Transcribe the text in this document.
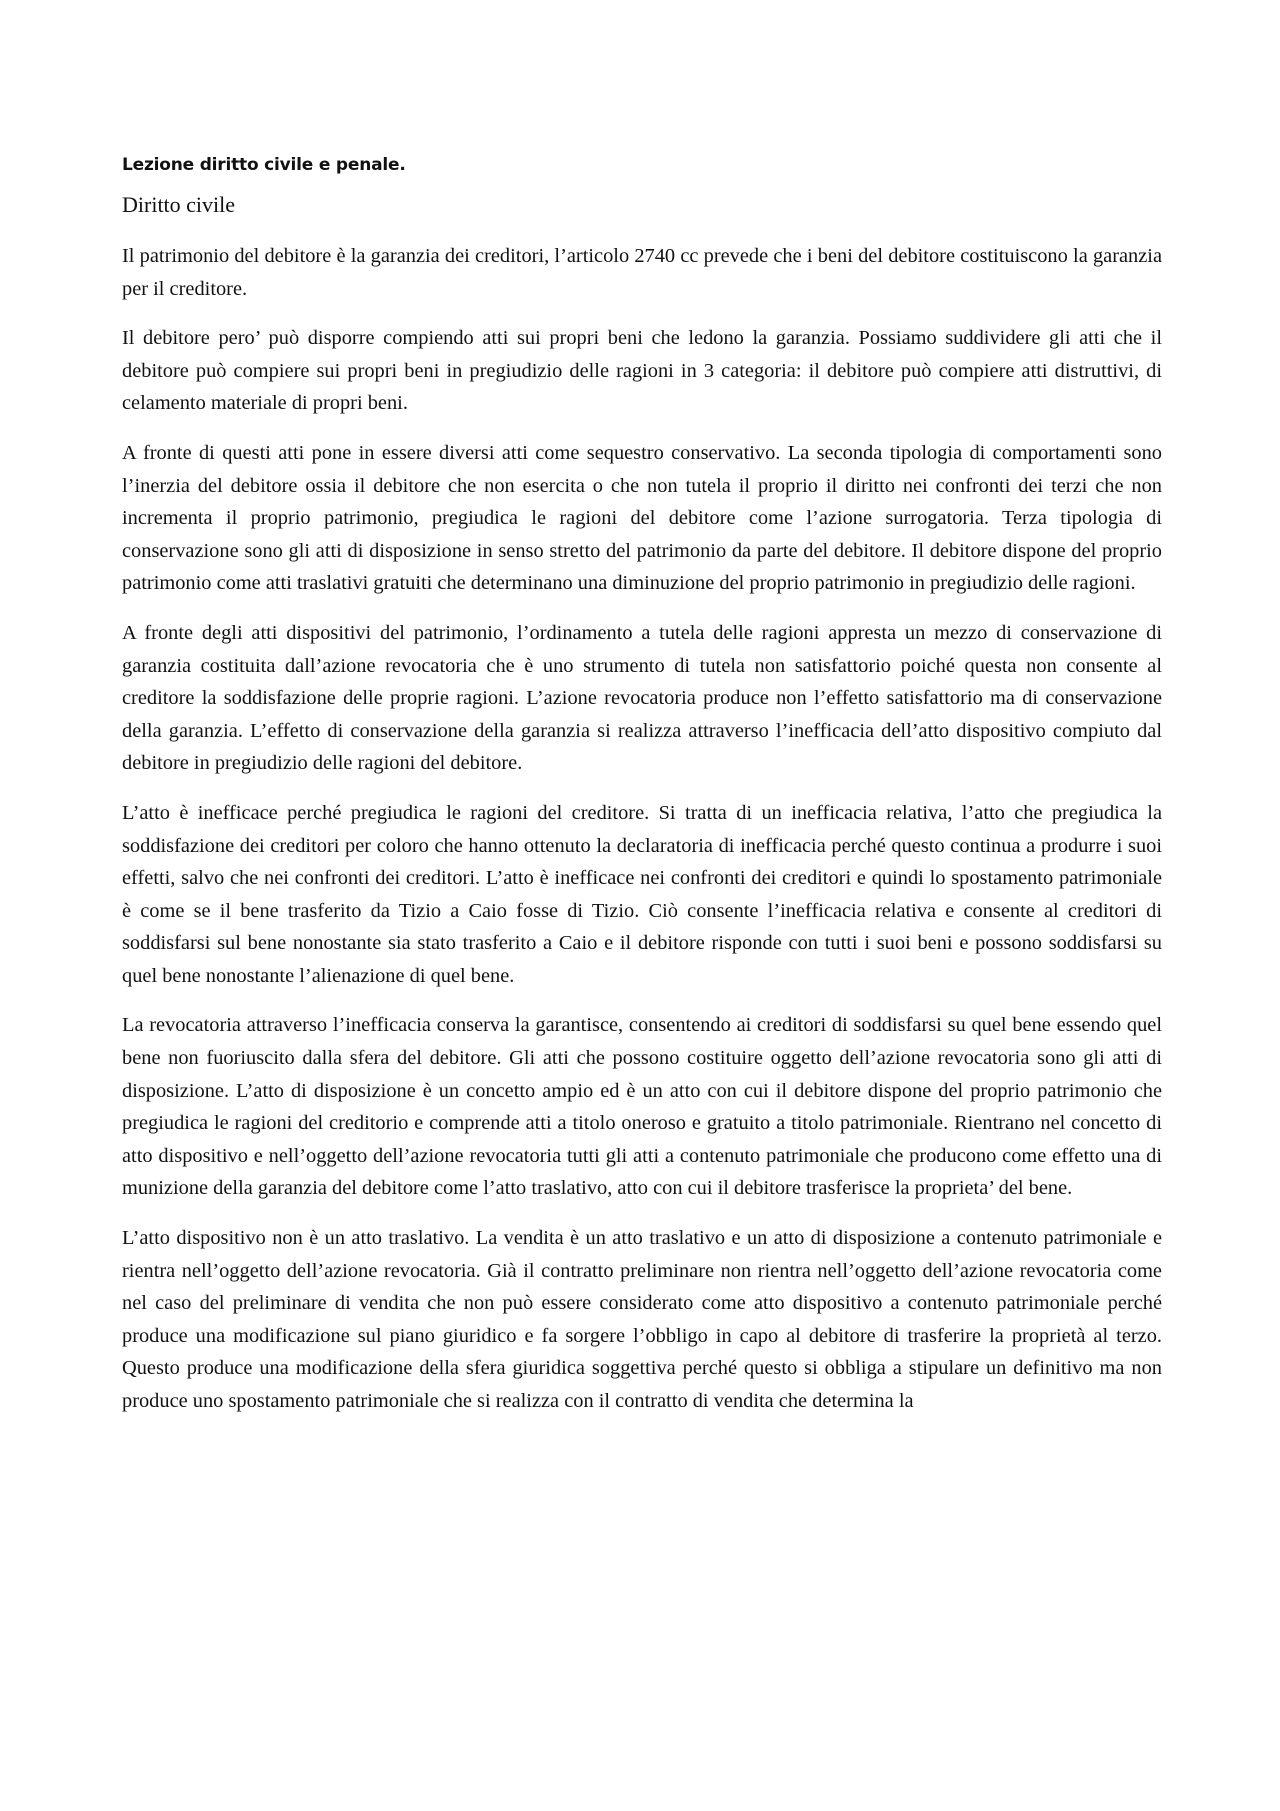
Lezione diritto civile e penale.
Diritto civile

Il patrimonio del debitore è la garanzia dei creditori, l’articolo 2740 cc prevede che i beni del debitore costituiscono la garanzia per il creditore.

Il debitore pero’ può disporre compiendo atti sui propri beni che ledono la garanzia. Possiamo suddividere gli atti che il debitore può compiere sui propri beni in pregiudizio delle ragioni in 3 categoria: il debitore può compiere atti distruttivi, di celamento materiale di propri beni.

A fronte di questi atti pone in essere diversi atti come sequestro conservativo. La seconda tipologia di comportamenti sono l’inerzia del debitore ossia il debitore che non esercita o che non tutela il proprio il diritto nei confronti dei terzi che non incrementa il proprio patrimonio, pregiudica le ragioni del debitore come l’azione surrogatoria. Terza tipologia di conservazione sono gli atti di disposizione in senso stretto del patrimonio da parte del debitore. Il debitore dispone del proprio patrimonio come atti traslativi gratuiti che determinano una diminuzione del proprio patrimonio in pregiudizio delle ragioni.

A fronte degli atti dispositivi del patrimonio, l’ordinamento a tutela delle ragioni appresta un mezzo di conservazione di garanzia costituita dall’azione revocatoria che è uno strumento di tutela non satisfattorio poiché questa non consente al creditore la soddisfazione delle proprie ragioni. L’azione revocatoria produce non l’effetto satisfattorio ma di conservazione della garanzia. L’effetto di conservazione della garanzia si realizza attraverso l’inefficacia dell’atto dispositivo compiuto dal debitore in pregiudizio delle ragioni del debitore.

L’atto è inefficace perché pregiudica le ragioni del creditore. Si tratta di un inefficacia relativa, l’atto che pregiudica la soddisfazione dei creditori per coloro che hanno ottenuto la declaratoria di inefficacia perché questo continua a produrre i suoi effetti, salvo che nei confronti dei creditori. L’atto è inefficace nei confronti dei creditori e quindi lo spostamento patrimoniale è come se il bene trasferito da Tizio a Caio fosse di Tizio. Ciò consente l’inefficacia relativa e consente al creditori di soddisfarsi sul bene nonostante sia stato trasferito a Caio e il debitore risponde con tutti i suoi beni e possono soddisfarsi su quel bene nonostante l’alienazione di quel bene.

La revocatoria attraverso l’inefficacia conserva la garantisce, consentendo ai creditori di soddisfarsi su quel bene essendo quel bene non fuoriuscito dalla sfera del debitore. Gli atti che possono costituire oggetto dell’azione revocatoria sono gli atti di disposizione. L’atto di disposizione è un concetto ampio ed è un atto con cui il debitore dispone del proprio patrimonio che pregiudica le ragioni del creditorio e comprende atti a titolo oneroso e gratuito a titolo patrimoniale. Rientrano nel concetto di atto dispositivo e nell’oggetto dell’azione revocatoria tutti gli atti a contenuto patrimoniale che producono come effetto una di munizione della garanzia del debitore come l’atto traslativo, atto con cui il debitore trasferisce la proprieta’ del bene.

L’atto dispositivo non è un atto traslativo. La vendita è un atto traslativo e un atto di disposizione a contenuto patrimoniale e rientra nell’oggetto dell’azione revocatoria. Già il contratto preliminare non rientra nell’oggetto dell’azione revocatoria come nel caso del preliminare di vendita che non può essere considerato come atto dispositivo a contenuto patrimoniale perché produce una modificazione sul piano giuridico e fa sorgere l’obbligo in capo al debitore di trasferire la proprietà al terzo. Questo produce una modificazione della sfera giuridica soggettiva perché questo si obbliga a stipulare un definitivo ma non produce uno spostamento patrimoniale che si realizza con il contratto di vendita che determina la
